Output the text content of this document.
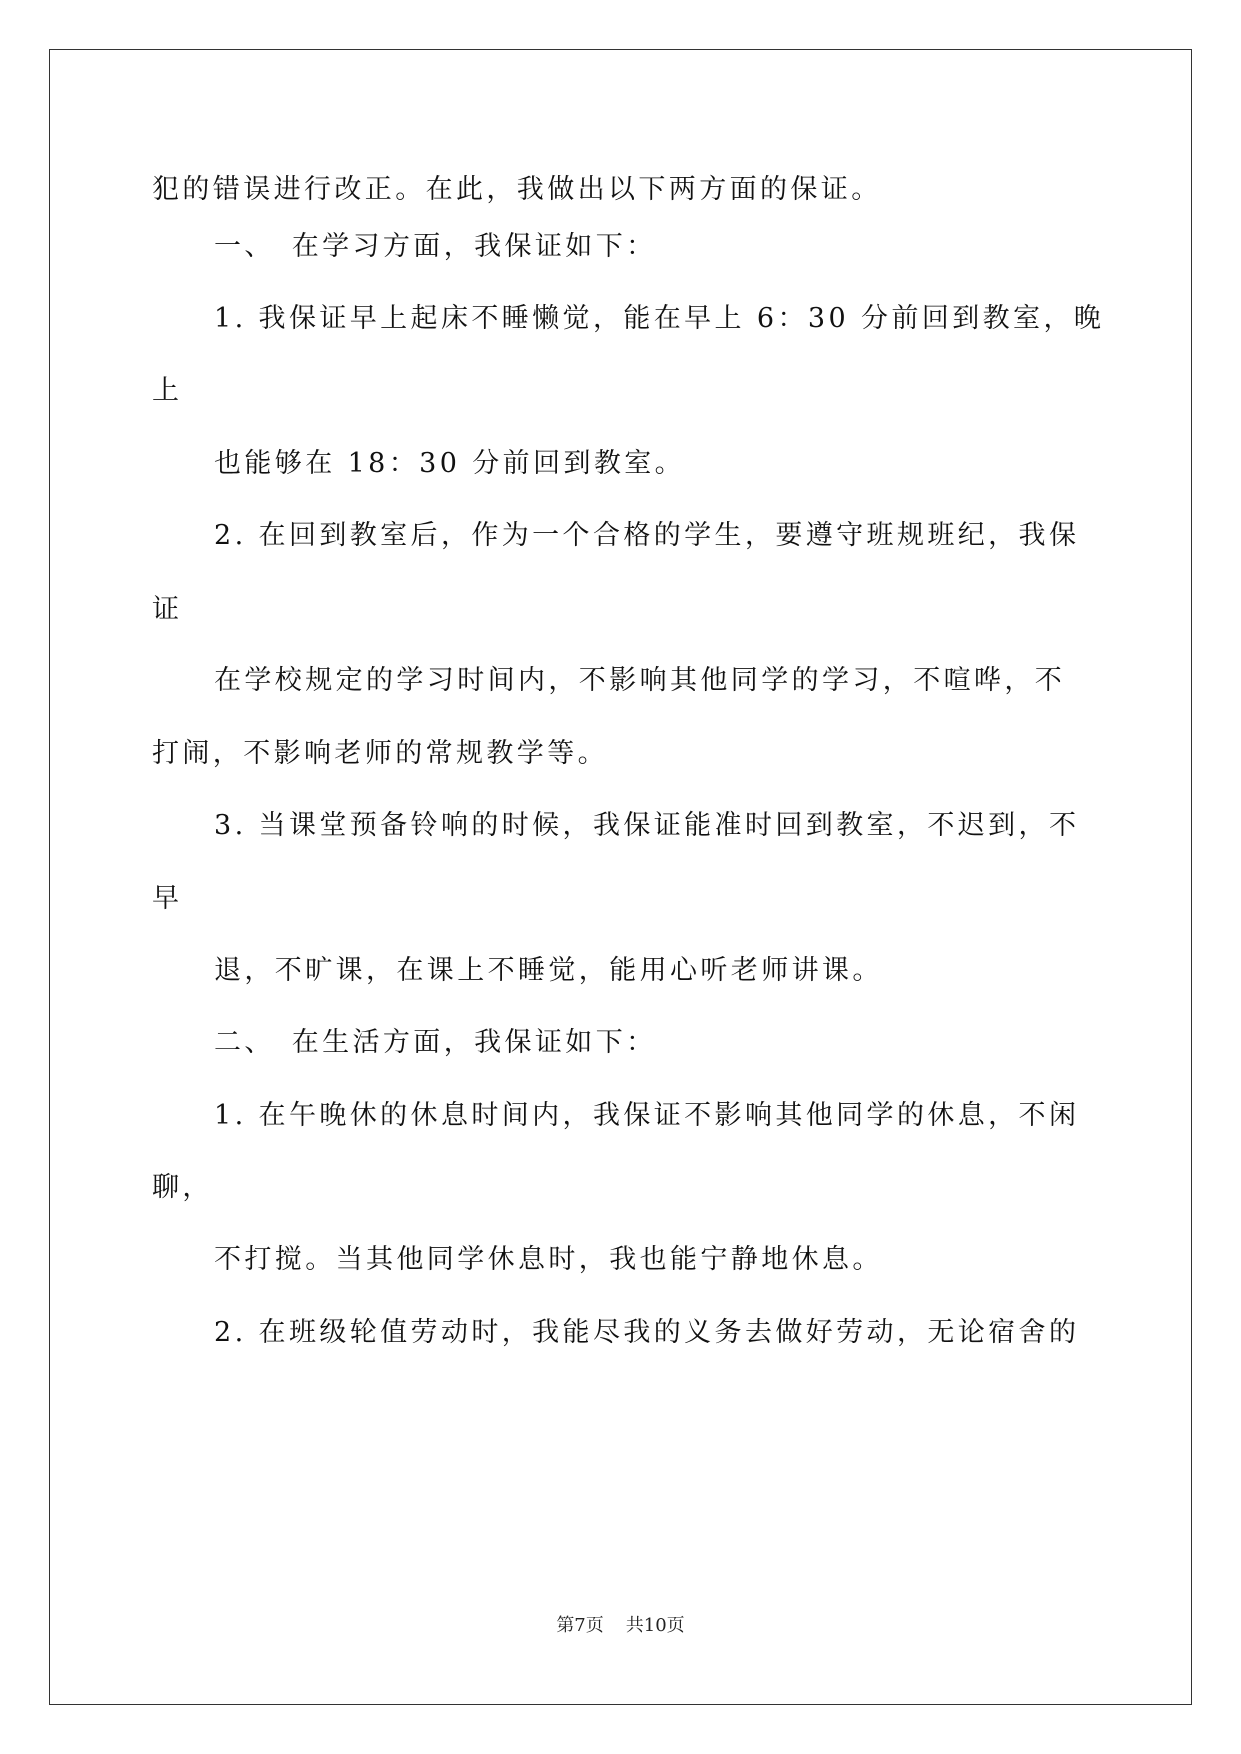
犯的错误进行改正。在此，我做出以下两方面的保证。

一、　在学习方面，我保证如下：

1. 我保证早上起床不睡懒觉，能在早上 6：30 分前回到教室，晚

上

也能够在 18：30 分前回到教室。

2. 在回到教室后，作为一个合格的学生，要遵守班规班纪，我保

证

在学校规定的学习时间内，不影响其他同学的学习，不喧哗，不

打闹，不影响老师的常规教学等。

3. 当课堂预备铃响的时候，我保证能准时回到教室，不迟到，不

早

退，不旷课，在课上不睡觉，能用心听老师讲课。

二、　在生活方面，我保证如下：

1. 在午晚休的休息时间内，我保证不影响其他同学的休息，不闲

聊，

不打搅。当其他同学休息时，我也能宁静地休息。

2. 在班级轮值劳动时，我能尽我的义务去做好劳动，无论宿舍的

第7页 共10页
